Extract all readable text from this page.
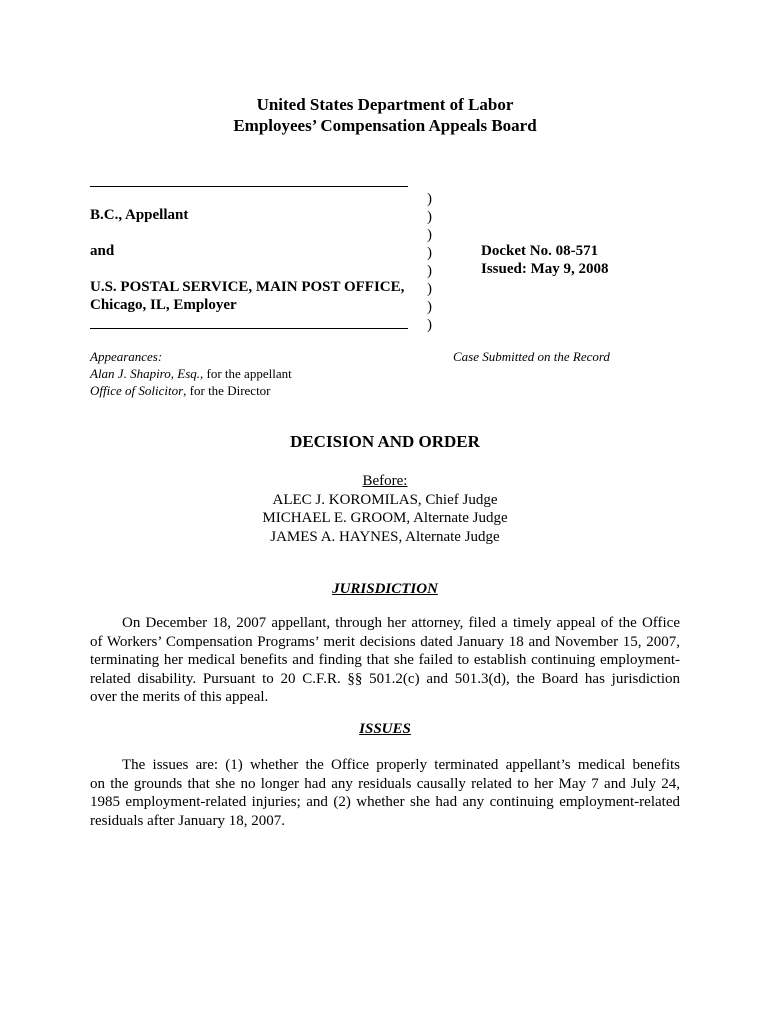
United States Department of Labor
Employees’ Compensation Appeals Board
B.C., Appellant
and
U.S. POSTAL SERVICE, MAIN POST OFFICE,
Chicago, IL, Employer
)
)
)
)
)
)
)
)
Docket No. 08-571
Issued: May 9, 2008
Appearances:
Alan J. Shapiro, Esq., for the appellant
Office of Solicitor, for the Director
Case Submitted on the Record
DECISION AND ORDER
Before:
ALEC J. KOROMILAS, Chief Judge
MICHAEL E. GROOM, Alternate Judge
JAMES A. HAYNES, Alternate Judge
JURISDICTION
On December 18, 2007 appellant, through her attorney, filed a timely appeal of the Office
of Workers’ Compensation Programs’ merit decisions dated January 18 and November 15, 2007,
terminating her medical benefits and finding that she failed to establish continuing employment-
related disability. Pursuant to 20 C.F.R. §§ 501.2(c) and 501.3(d), the Board has jurisdiction
over the merits of this appeal.
ISSUES
The issues are: (1) whether the Office properly terminated appellant’s medical benefits
on the grounds that she no longer had any residuals causally related to her May 7 and July 24,
1985 employment-related injuries; and (2) whether she had any continuing employment-related
residuals after January 18, 2007.
